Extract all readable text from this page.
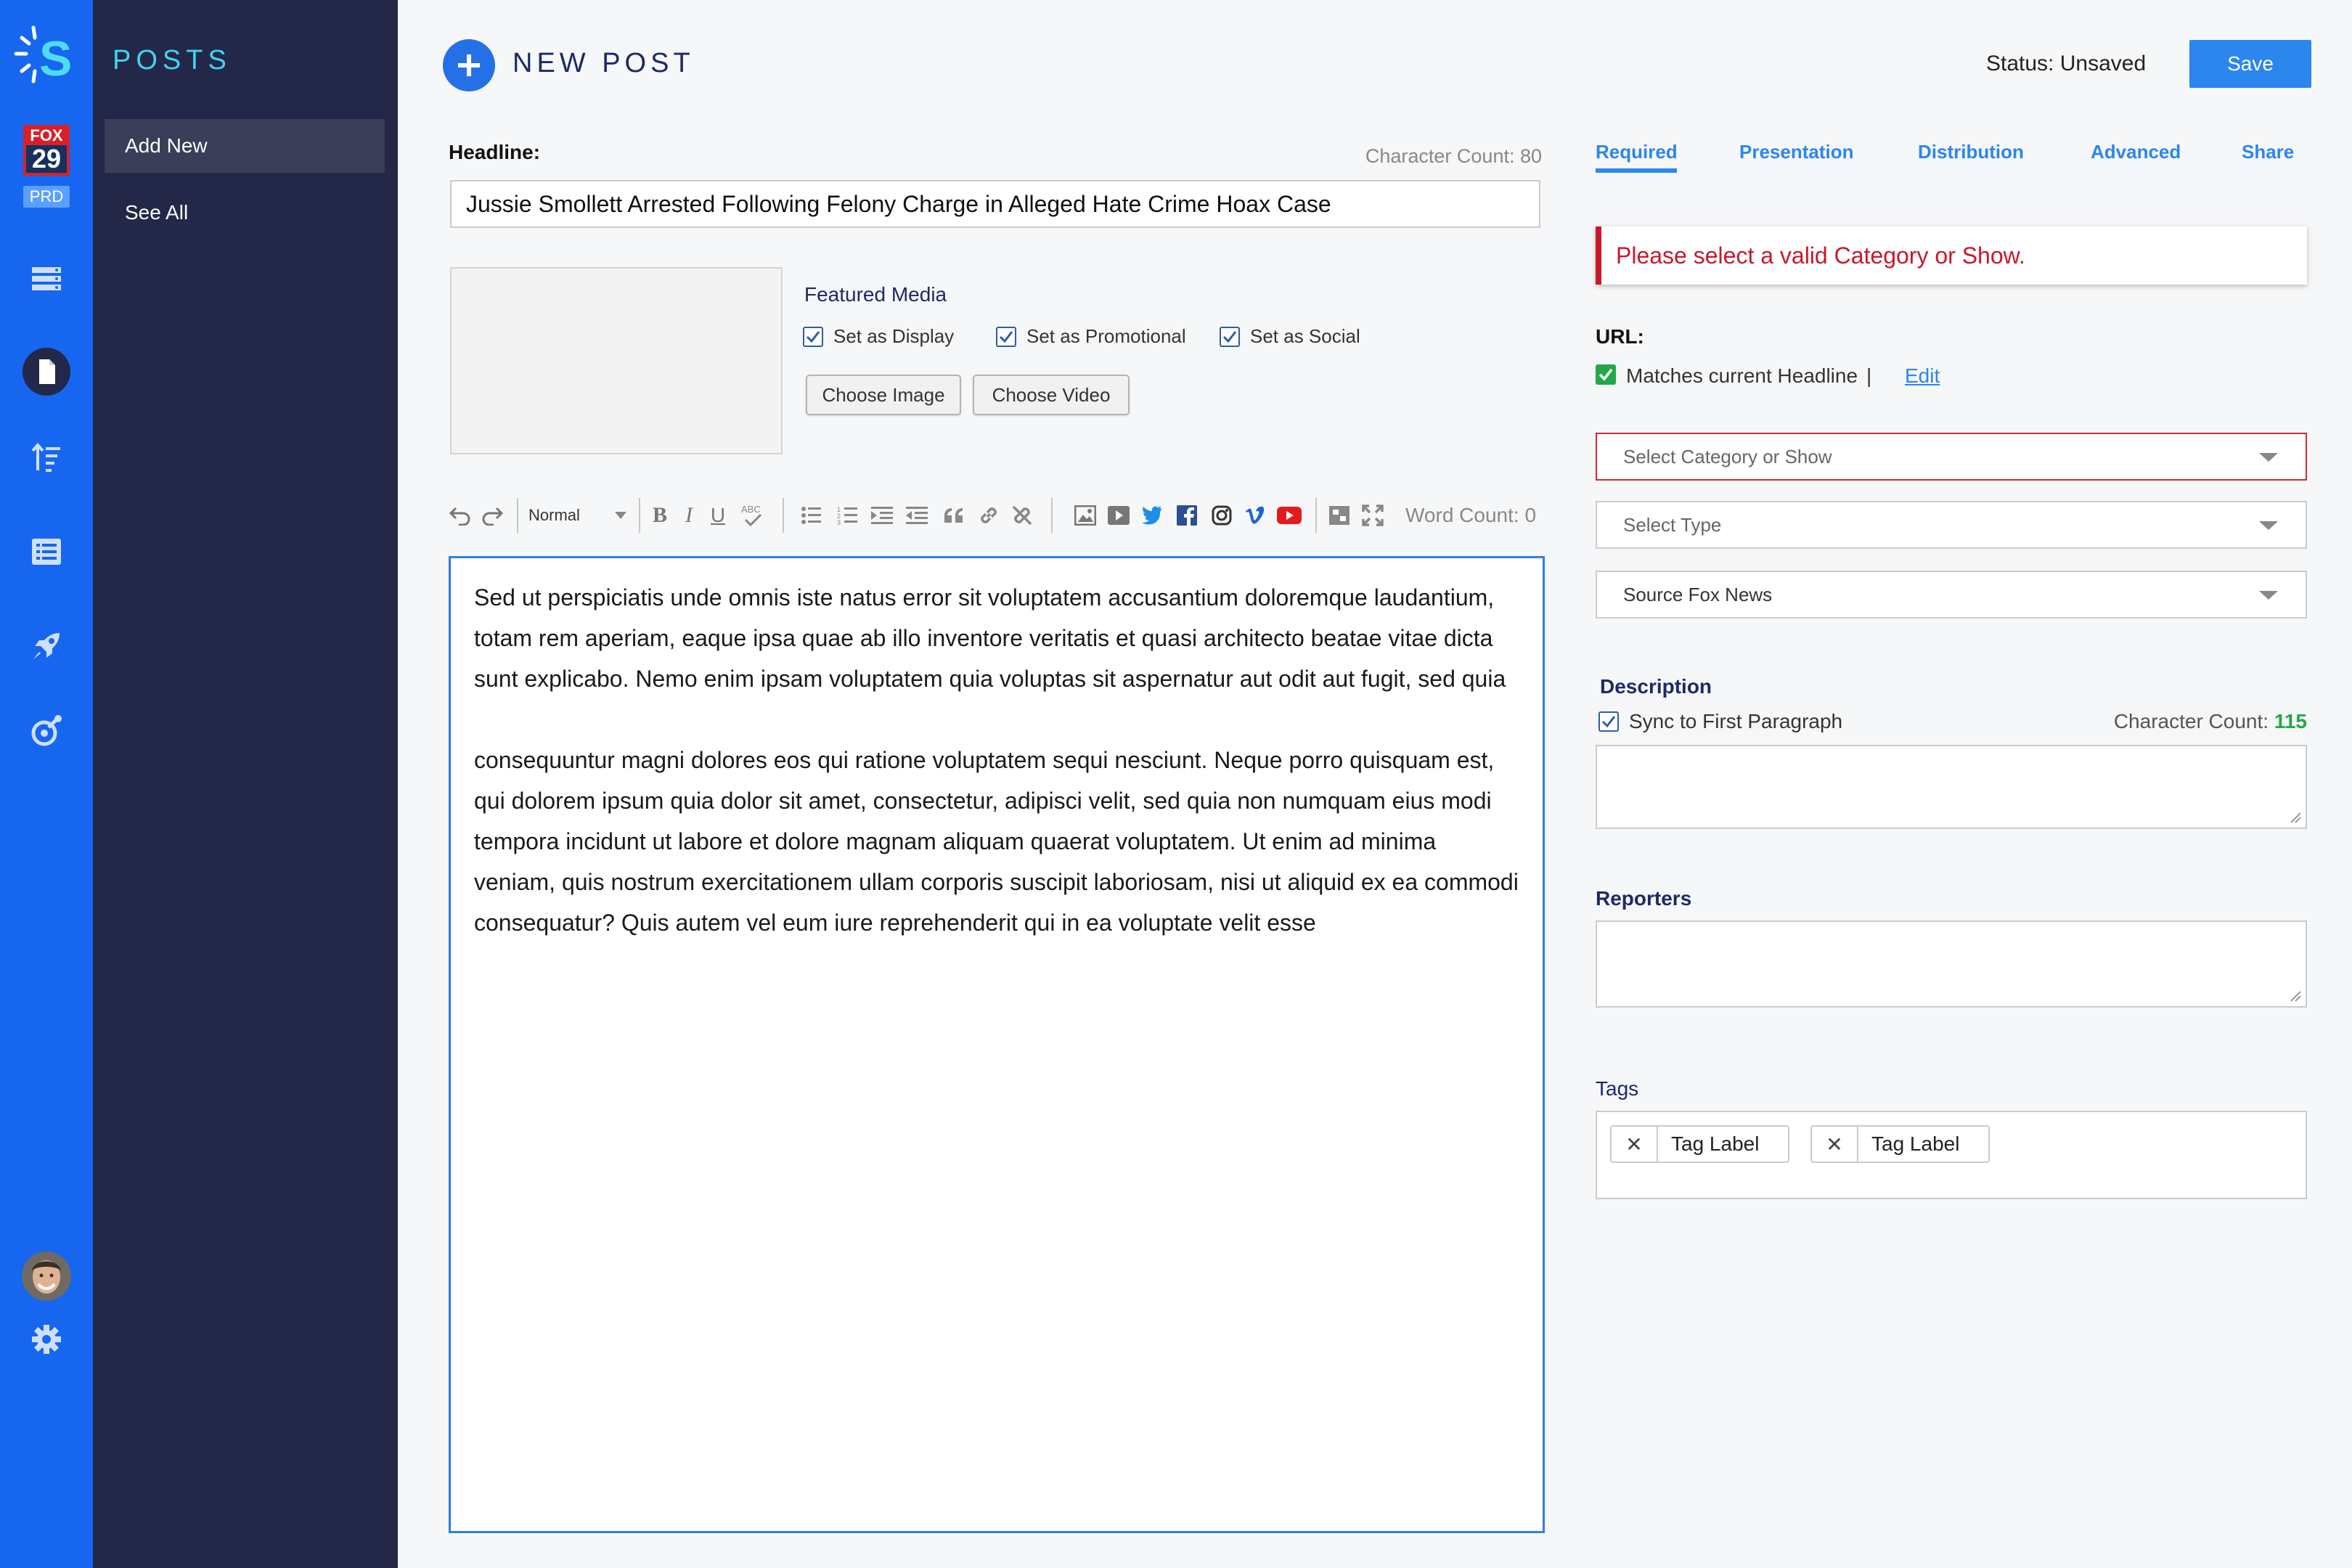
S
FOX
29
PRD
POSTS
Add New
See All
NEW POST	Status: Unsaved	Save
Headline:	Character Count: 80
Jussie Smollett Arrested Following Felony Charge in Alleged Hate Crime Hoax Case
Featured Media
Set as Display	Set as Promotional	Set as Social
Choose Image	Choose Video
Normal	B I U ABC	1
2
3	Word Count: 0

Sed ut perspiciatis unde omnis iste natus error sit voluptatem accusantium doloremque laudantium, totam rem aperiam, eaque ipsa quae ab illo inventore veritatis et quasi architecto beatae vitae dicta sunt explicabo. Nemo enim ipsam voluptatem quia voluptas sit aspernatur aut odit aut fugit, sed quia

consequuntur magni dolores eos qui ratione voluptatem sequi nesciunt. Neque porro quisquam est, qui dolorem ipsum quia dolor sit amet, consectetur, adipisci velit, sed quia non numquam eius modi tempora incidunt ut labore et dolore magnam aliquam quaerat voluptatem. Ut enim ad minima veniam, quis nostrum exercitationem ullam corporis suscipit laboriosam, nisi ut aliquid ex ea commodi consequatur? Quis autem vel eum iure reprehenderit qui in ea voluptate velit esse

Required	Presentation	Distribution	Advanced	Share
Please select a valid Category or Show.
URL:
Matches current Headline | Edit
Select Category or Show
Select Type
Source Fox News
Description
Sync to First Paragraph	Character Count: 115
Reporters
Tags
✕	Tag Label	✕	Tag Label
